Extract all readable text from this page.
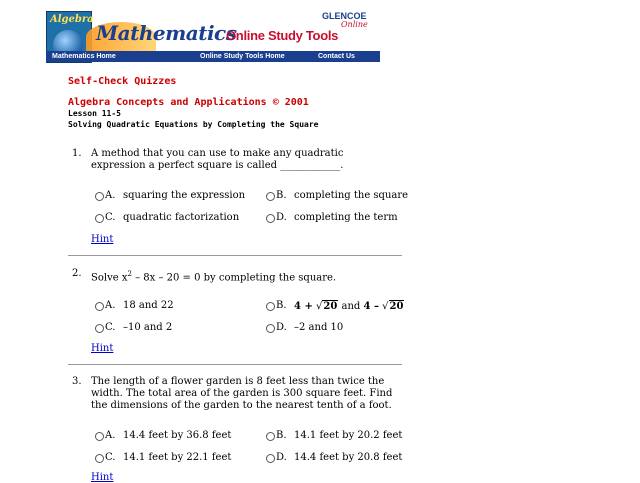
Algebra
Mathematics
Online Study Tools
GLENCOE
Online
Mathematics Home	Online Study Tools Home	Contact Us
Self-Check Quizzes
Algebra Concepts and Applications © 2001
Lesson 11-5
Solving Quadratic Equations by Completing the Square
1. A method that you can use to make any quadratic expression a perfect square is called ____________.
A. squaring the expression	B. completing the square
C. quadratic factorization	D. completing the term
Hint
2. Solve $x^2 - 8x - 20 = 0$ by completing the square.
A. 18 and 22	B. 4 + √20 and 4 – √20
C. –10 and 2	D. –2 and 10
Hint
3. The length of a flower garden is 8 feet less than twice the width. The total area of the garden is 300 square feet. Find the dimensions of the garden to the nearest tenth of a foot.
A. 14.4 feet by 36.8 feet	B. 14.1 feet by 20.2 feet
C. 14.1 feet by 22.1 feet	D. 14.4 feet by 20.8 feet
Hint
